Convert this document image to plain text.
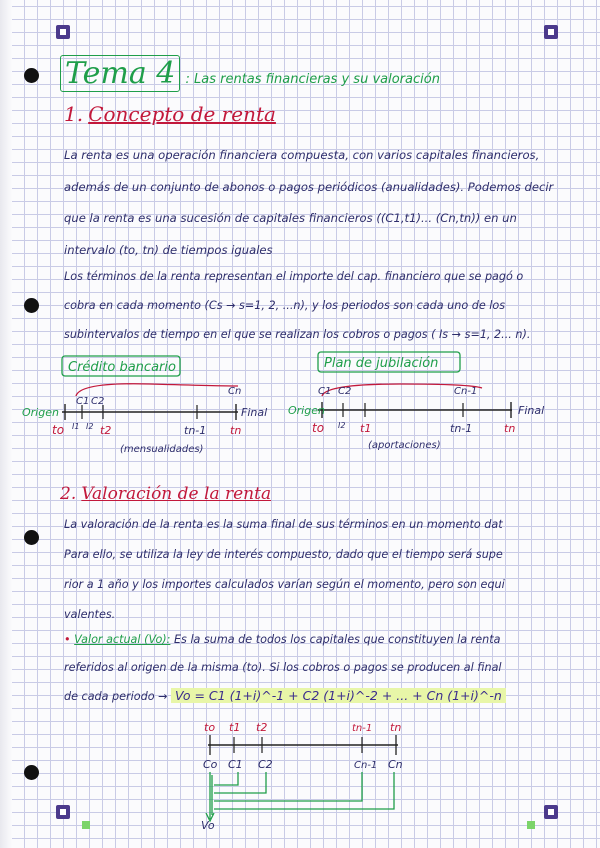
Tema 4 : Las rentas financieras y su valoración
1. Concepto de renta
La renta es una operación financiera compuesta, con varios capitales financieros,
además de un conjunto de abonos o pagos periódicos (anualidades). Podemos decir
que la renta es una sucesión de capitales financieros ((C1,t1)... (Cn,tn)) en un
intervalo (to, tn) de tiempos iguales
Los términos de la renta representan el importe del cap. financiero que se pagó o
cobra en cada momento (Cs → s=1, 2, ...n), y los periodos son cada uno de los
subintervalos de tiempo en el que se realizan los cobros o pagos ( Is → s=1, 2... n).
Crédito bancario	Plan de jubilación
Origen	Final
C1 C2
Cn
to I1 I2 t2	tn-1 tn
(mensualidades)
Origen	Final
C1 C2	Cn-1
to I2 t1	tn-1	tn
(aportaciones)
2. Valoración de la renta
La valoración de la renta es la suma final de sus términos en un momento dat
Para ello, se utiliza la ley de interés compuesto, dado que el tiempo será supe
rior a 1 año y los importes calculados varían según el momento, pero son equi
valentes.
• Valor actual (Vo): Es la suma de todos los capitales que constituyen la renta
referidos al origen de la misma (to). Si los cobros o pagos se producen al final
de cada periodo → Vo = C1 (1+i)^-1 + C2 (1+i)^-2 + ... + Cn (1+i)^-n
to t1 t2	tn-1 tn
Co C1 C2	Cn-1 Cn
Vo
